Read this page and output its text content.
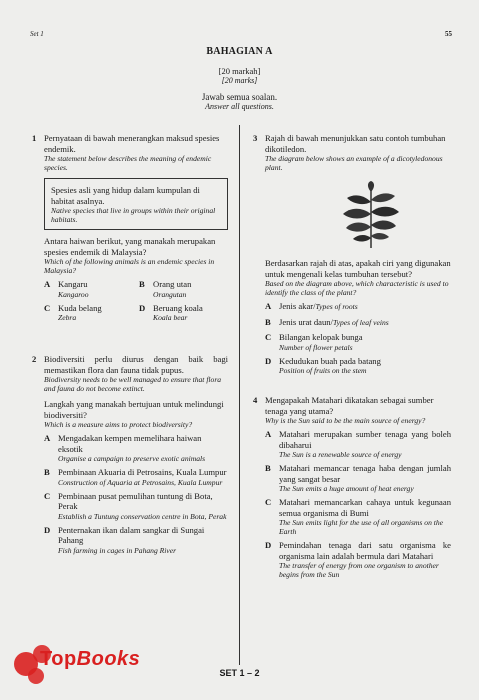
Set 1	55
BAHAGIAN A
[20 markah]
[20 marks]
Jawab semua soalan.
Answer all questions.
1 Pernyataan di bawah menerangkan maksud spesies endemik.
The statement below describes the meaning of endemic species.
Spesies asli yang hidup dalam kumpulan di habitat asalnya.
Native species that live in groups within their original habitats.
Antara haiwan berikut, yang manakah merupakan spesies endemik di Malaysia?
Which of the following animals is an endemic species in Malaysia?
A Kangaru
Kangaroo
B Orang utan
Orangutan
C Kuda belang
Zebra
D Beruang koala
Koala bear
2 Biodiversiti perlu diurus dengan baik bagi memastikan flora dan fauna tidak pupus.
Biodiversity needs to be well managed to ensure that flora and fauna do not become extinct.
Langkah yang manakah bertujuan untuk melindungi biodiversiti?
Which is a measure aims to protect biodiversity?
A Mengadakan kempen memelihara haiwan eksotik
Organise a campaign to preserve exotic animals
B Pembinaan Akuaria di Petrosains, Kuala Lumpur
Construction of Aquaria at Petrosains, Kuala Lumpur
C Pembinaan pusat pemulihan tuntung di Bota, Perak
Establish a Tuntung conservation centre in Bota, Perak
D Penternakan ikan dalam sangkar di Sungai Pahang
Fish farming in cages in Pahang River
3 Rajah di bawah menunjukkan satu contoh tumbuhan dikotiledon.
The diagram below shows an example of a dicotyledonous plant.
Berdasarkan rajah di atas, apakah ciri yang digunakan untuk mengenali kelas tumbuhan tersebut?
Based on the diagram above, which characteristic is used to identify the class of the plant?
A Jenis akar/Types of roots
B Jenis urat daun/Types of leaf veins
C Bilangan kelopak bunga
Number of flower petals
D Kedudukan buah pada batang
Position of fruits on the stem
4 Mengapakah Matahari dikatakan sebagai sumber tenaga yang utama?
Why is the Sun said to be the main source of energy?
A Matahari merupakan sumber tenaga yang boleh dibaharui
The Sun is a renewable source of energy
B Matahari memancar tenaga haba dengan jumlah yang sangat besar
The Sun emits a huge amount of heat energy
C Matahari memancarkan cahaya untuk kegunaan semua organisma di Bumi
The Sun emits light for the use of all organisms on the Earth
D Pemindahan tenaga dari satu organisma ke organisma lain adalah bermula dari Matahari
The transfer of energy from one organism to another begins from the Sun
TopBooks
SET 1 – 2
